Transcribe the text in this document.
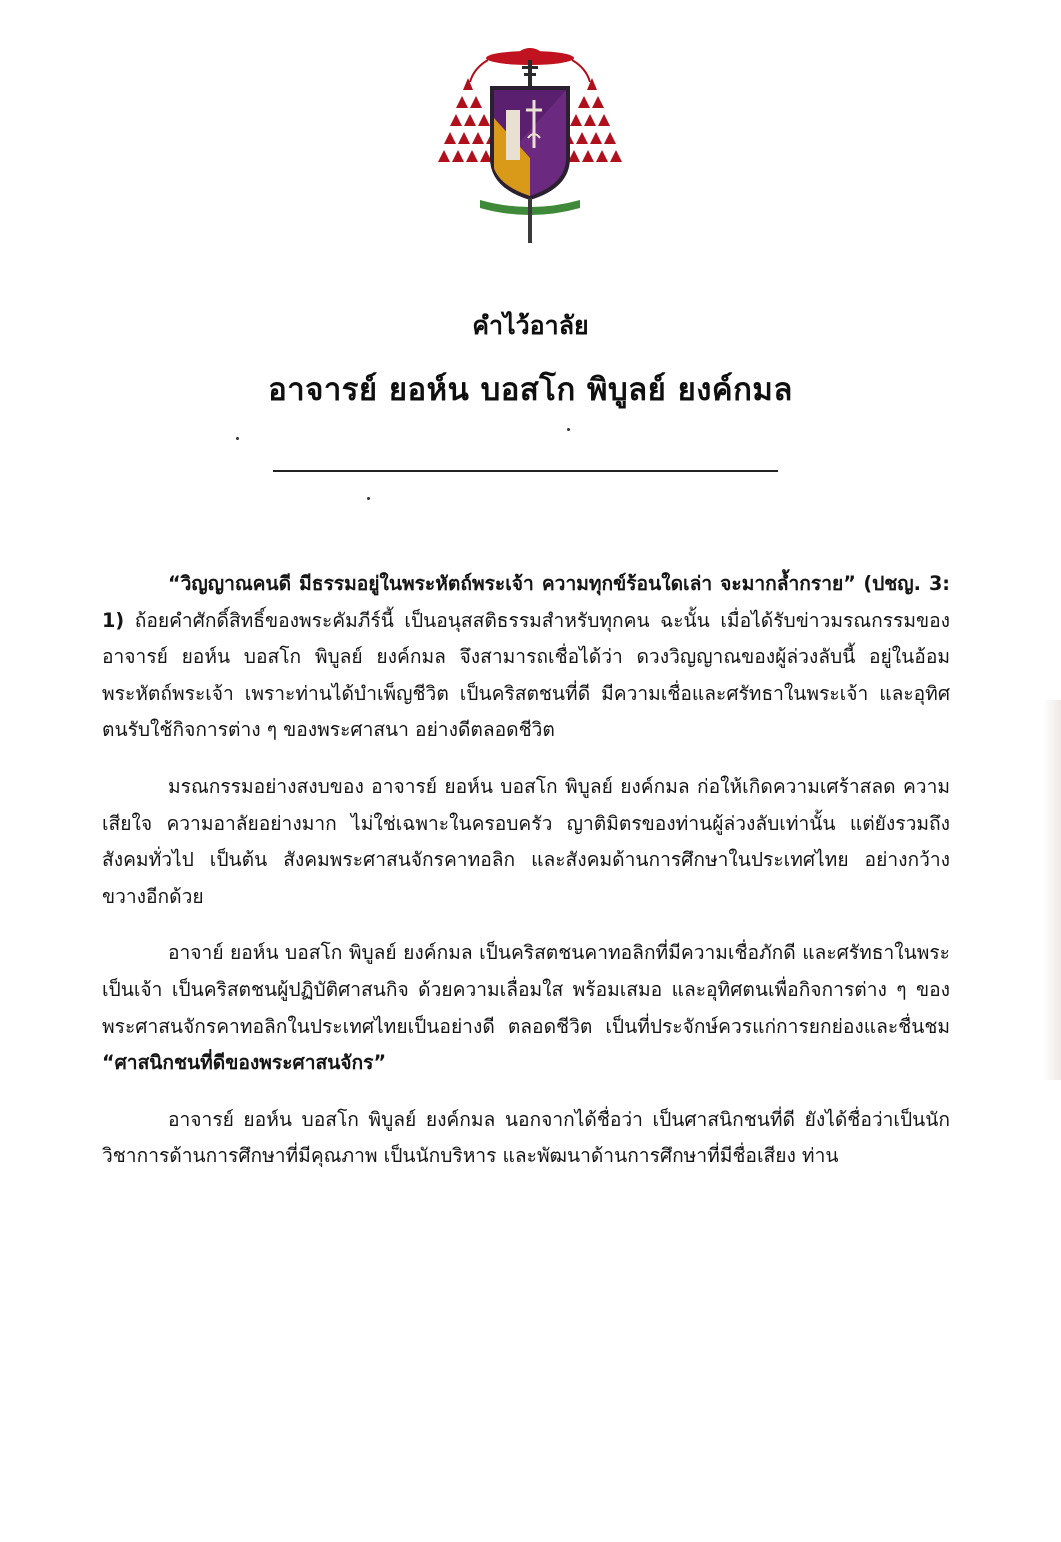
คำไว้อาลัย
อาจารย์ ยอห์น บอสโก พิบูลย์ ยงค์กมล

“วิญญาณคนดี มีธรรมอยู่ในพระหัตถ์พระเจ้า ความทุกข์ร้อนใดเล่า จะมากล้ำกราย” (ปชญ. 3: 1) ถ้อยคำศักดิ์สิทธิ์ของพระคัมภีร์นี้ เป็นอนุสสติธรรมสำหรับทุกคน ฉะนั้น เมื่อได้รับข่าวมรณกรรมของอาจารย์ ยอห์น บอสโก พิบูลย์ ยงค์กมล จึงสามารถเชื่อได้ว่า ดวงวิญญาณของผู้ล่วงลับนี้ อยู่ในอ้อมพระหัตถ์พระเจ้า เพราะท่านได้บำเพ็ญชีวิต เป็นคริสตชนที่ดี มีความเชื่อและศรัทธาในพระเจ้า และอุทิศตนรับใช้กิจการต่าง ๆ ของพระศาสนา อย่างดีตลอดชีวิต

มรณกรรมอย่างสงบของ อาจารย์ ยอห์น บอสโก พิบูลย์ ยงค์กมล ก่อให้เกิดความเศร้าสลด ความเสียใจ ความอาลัยอย่างมาก ไม่ใช่เฉพาะในครอบครัว ญาติมิตรของท่านผู้ล่วงลับเท่านั้น แต่ยังรวมถึงสังคมทั่วไป เป็นต้น สังคมพระศาสนจักรคาทอลิก และสังคมด้านการศึกษาในประเทศไทย อย่างกว้างขวางอีกด้วย

อาจาย์ ยอห์น บอสโก พิบูลย์ ยงค์กมล เป็นคริสตชนคาทอลิกที่มีความเชื่อภักดี และศรัทธาในพระเป็นเจ้า เป็นคริสตชนผู้ปฏิบัติศาสนกิจ ด้วยความเลื่อมใส พร้อมเสมอ และอุทิศตนเพื่อกิจการต่าง ๆ ของพระศาสนจักรคาทอลิกในประเทศไทยเป็นอย่างดี ตลอดชีวิต เป็นที่ประจักษ์ควรแก่การยกย่องและชื่นชม “ศาสนิกชนที่ดีของพระศาสนจักร”

อาจารย์ ยอห์น บอสโก พิบูลย์ ยงค์กมล นอกจากได้ชื่อว่า เป็นศาสนิกชนที่ดี ยังได้ชื่อว่าเป็นนักวิชาการด้านการศึกษาที่มีคุณภาพ เป็นนักบริหาร และพัฒนาด้านการศึกษาที่มีชื่อเสียง ท่าน
